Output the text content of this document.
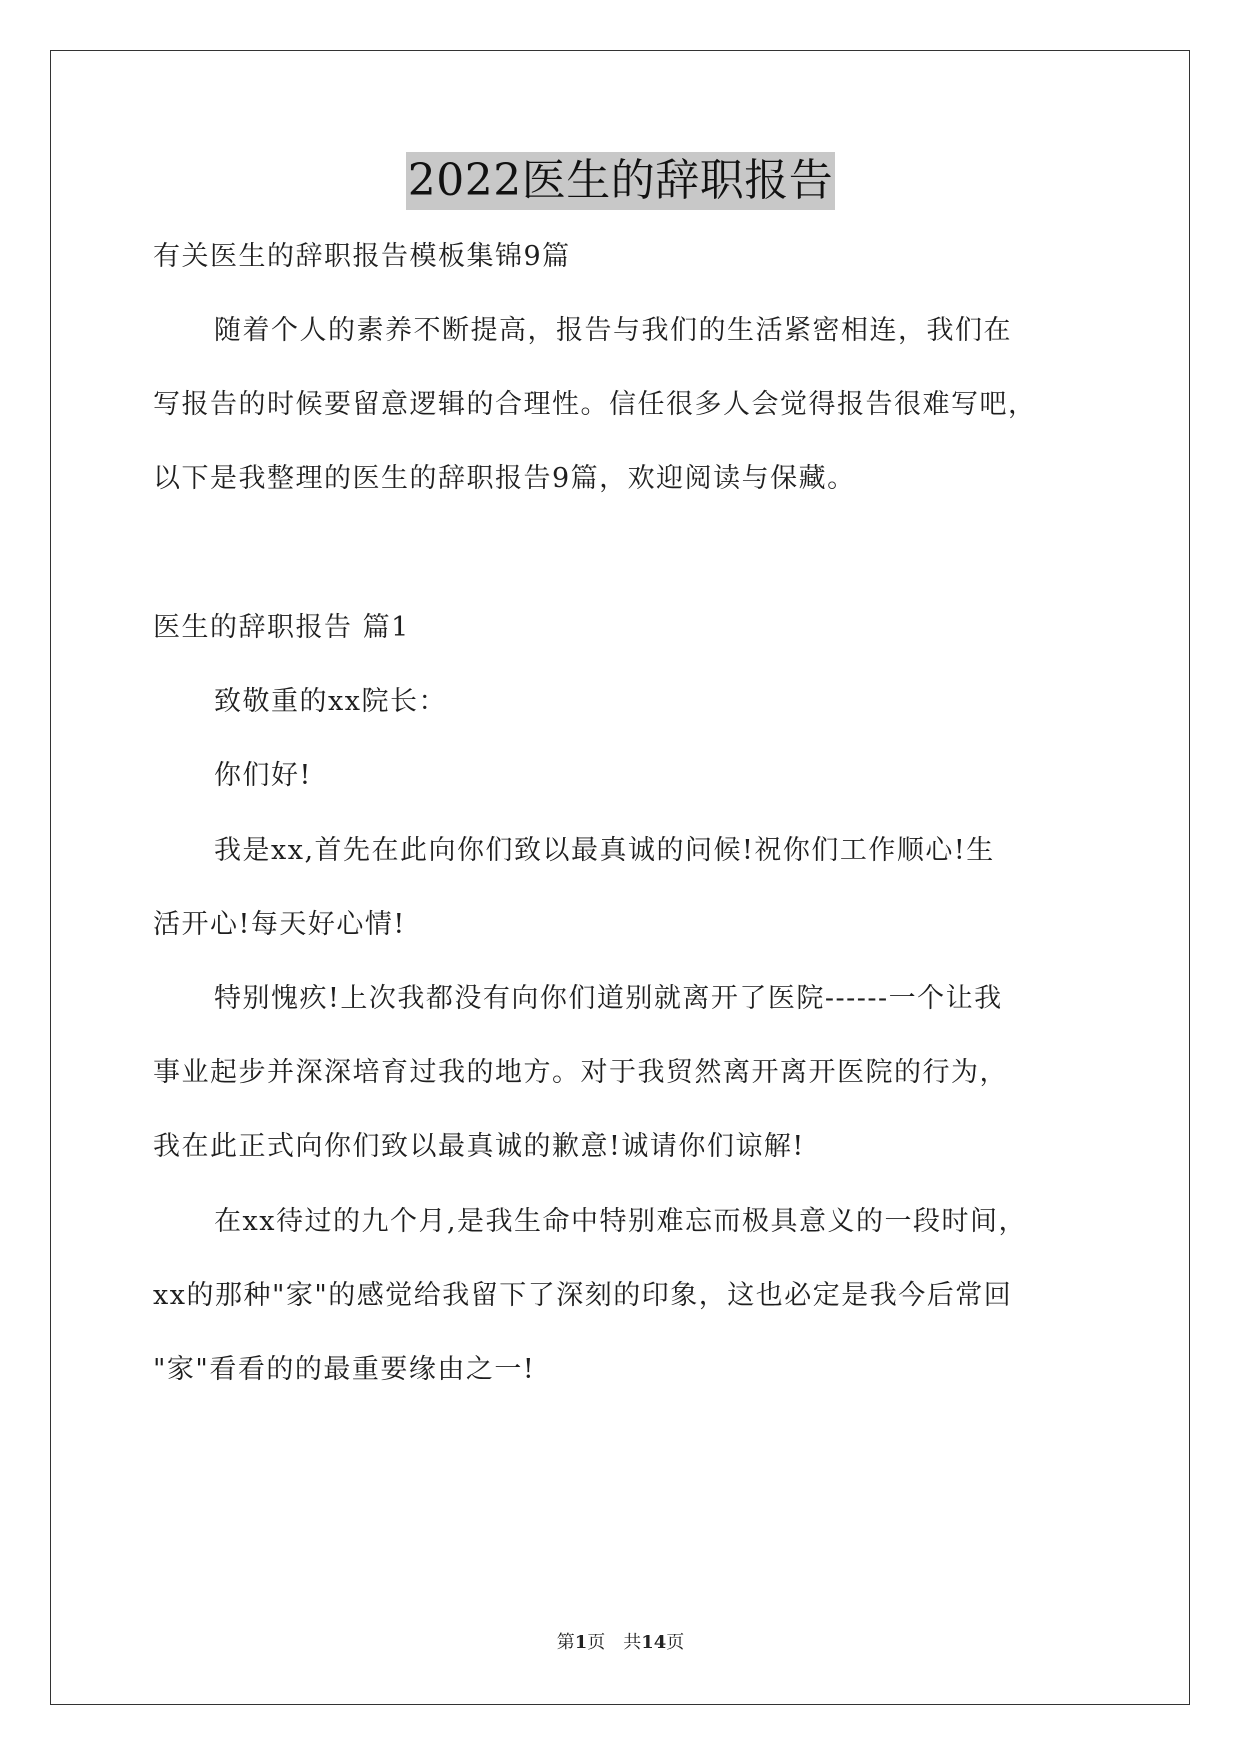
2022医生的辞职报告
有关医生的辞职报告模板集锦9篇
随着个人的素养不断提高，报告与我们的生活紧密相连，我们在
写报告的时候要留意逻辑的合理性。信任很多人会觉得报告很难写吧，
以下是我整理的医生的辞职报告9篇，欢迎阅读与保藏。
医生的辞职报告 篇1
致敬重的xx院长：
你们好!
我是xx,首先在此向你们致以最真诚的问候!祝你们工作顺心!生
活开心!每天好心情!
特别愧疚!上次我都没有向你们道别就离开了医院------一个让我
事业起步并深深培育过我的地方。对于我贸然离开离开医院的行为，
我在此正式向你们致以最真诚的歉意!诚请你们谅解!
在xx待过的九个月,是我生命中特别难忘而极具意义的一段时间，
xx的那种"家"的感觉给我留下了深刻的印象，这也必定是我今后常回
"家"看看的的最重要缘由之一!
第1页　共14页
